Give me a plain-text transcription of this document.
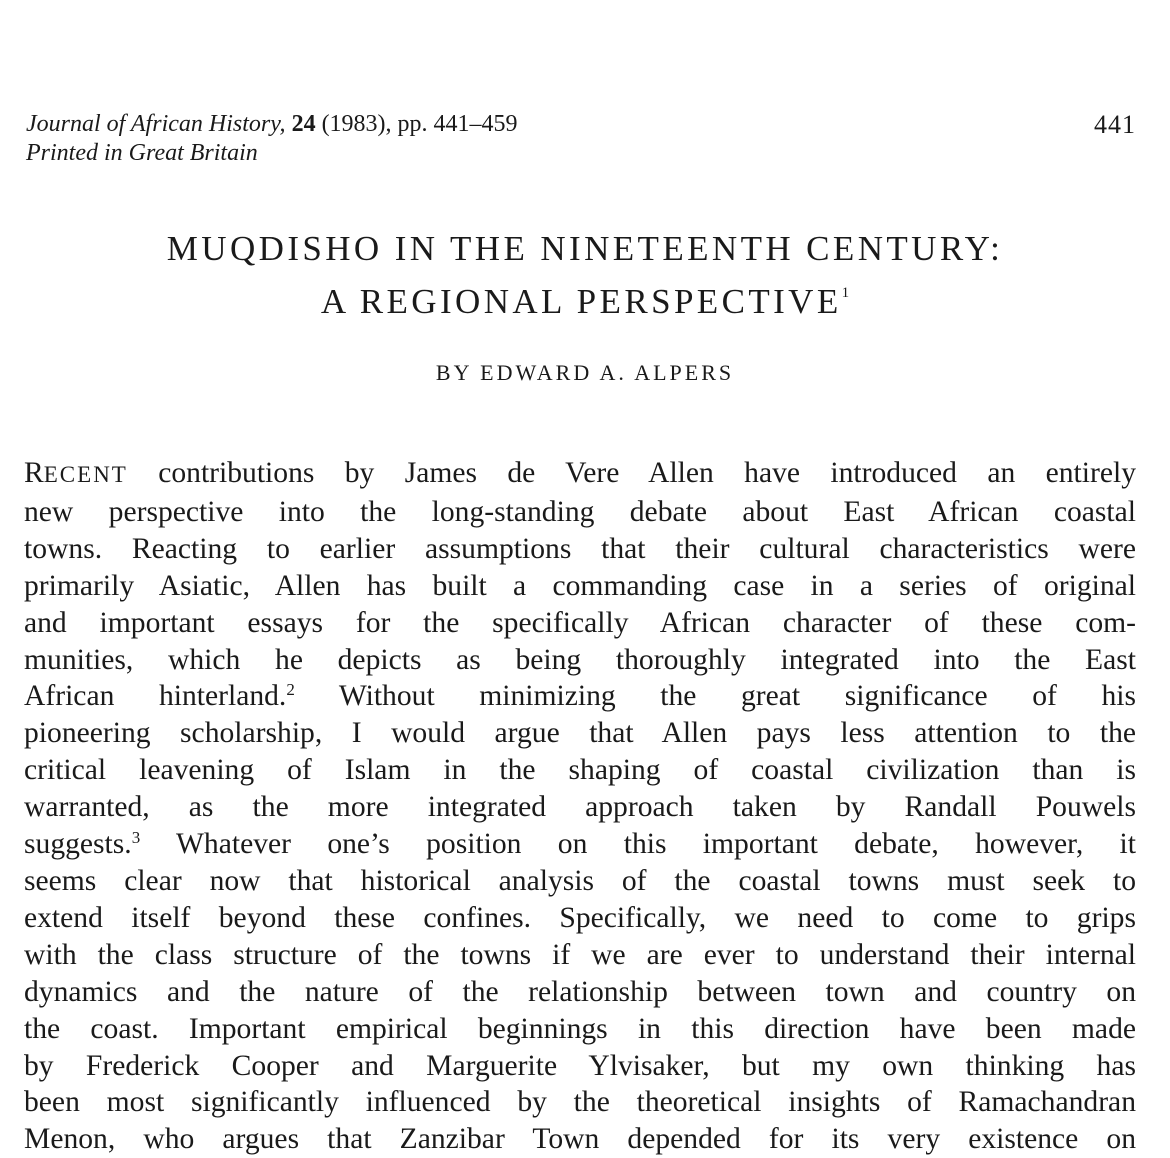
Journal of African History, 24 (1983), pp. 441–459
Printed in Great Britain
441
MUQDISHO IN THE NINETEENTH CENTURY:
A REGIONAL PERSPECTIVE$^1$
BY EDWARD A. ALPERS
RECENT contributions by James de Vere Allen have introduced an entirely
new perspective into the long-standing debate about East African coastal
towns. Reacting to earlier assumptions that their cultural characteristics were
primarily Asiatic, Allen has built a commanding case in a series of original
and important essays for the specifically African character of these com-
munities, which he depicts as being thoroughly integrated into the East
African hinterland.$^2$ Without minimizing the great significance of his
pioneering scholarship, I would argue that Allen pays less attention to the
critical leavening of Islam in the shaping of coastal civilization than is
warranted, as the more integrated approach taken by Randall Pouwels
suggests.$^3$ Whatever one’s position on this important debate, however, it
seems clear now that historical analysis of the coastal towns must seek to
extend itself beyond these confines. Specifically, we need to come to grips
with the class structure of the towns if we are ever to understand their internal
dynamics and the nature of the relationship between town and country on
the coast. Important empirical beginnings in this direction have been made
by Frederick Cooper and Marguerite Ylvisaker, but my own thinking has
been most significantly influenced by the theoretical insights of Ramachandran
Menon, who argues that Zanzibar Town depended for its very existence on
